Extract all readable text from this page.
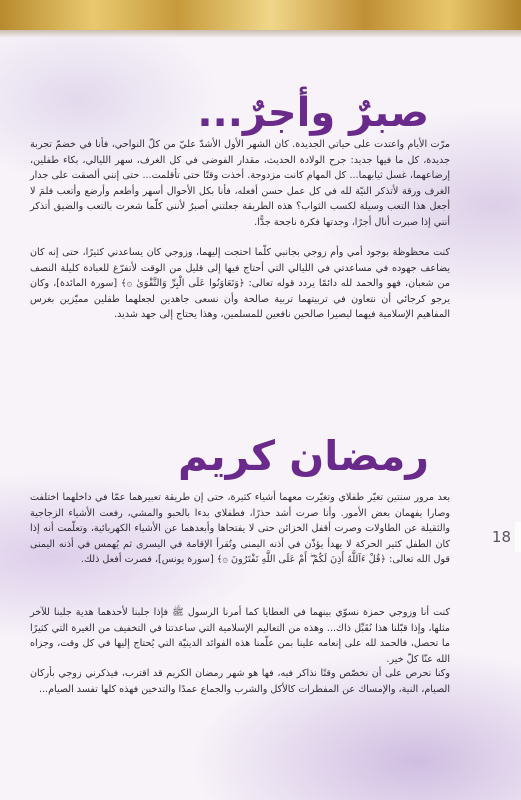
صبرٌ وأجرٌ...

مرّت الأيام واعتدت على حياتي الجديدة. كان الشهر الأول الأشدّ عليّ من كلّ النواحي، فأنا في خضمّ تجربة جديدة، كل ما فيها جديد: جرح الولادة الحديث، مقدار الفوضى في كل الغرف، سهر الليالي، بكاء طفلين، إرضاعهما، غسل ثيابهما... كل المهام كانت مزدوجة. أخذت وقتًا حتى تأقلمت... حتى إنني ألصقت على جدار الغرف ورقة لأتذكر النيّة لله في كل عمل حسن أفعله، فأنا بكل الأحوال أسهر وأطعم وأرضع وأتعب فلمَ لا أجعل هذا التعب وسيلة لكسب الثواب؟ هذه الطريقة جعلتني أصبرُ لأنني كلّما شعرت بالتعب والضيق أتذكر أنني إذا صبرت أنال أجرًا، وجدتها فكرة ناجحة جدًّا.

كنت محظوظة بوجود أمي وأم زوجي بجانبي كلّما احتجت إليهما، وزوجي كان يساعدني كثيرًا، حتى إنه كان يضاعف جهوده في مساعدتي في الليالي التي أحتاج فيها إلى قليل من الوقت لأتفرّغ للعبادة كليلة النصف من شعبان، فهو والحمد لله دائمًا يردد قوله تعالى: ﴿وَتَعَاوَنُوا عَلَى الْبِرِّ وَالتَّقْوَىٰ ۞﴾ [سورة المائدة]، وكان يرجو كرجائي أن نتعاون في تربيتهما تربية صالحة وأن نسعى جاهدين لجعلهما طفلين مميّزين بغرس المفاهيم الإسلامية فيهما ليصيرا صالحين نافعين للمسلمين، وهذا يحتاج إلى جهد شديد.

رمضان كريم

بعد مرور سنتين تغيّر طفلاي وتغيّرت معهما أشياء كثيرة، حتى إن طريقة تعبيرهما عمّا في داخلهما اختلفت وصارا يفهمان بعض الأمور. وأنا صرت أشد حذرًا، فطفلاي بدءا بالحبو والمشي، رفعت الأشياء الزجاجية والثقيلة عن الطاولات وصرت أقفل الخزائن حتى لا يفتحاها وأبعدهما عن الأشياء الكهربائية، وتعلّمت أنه إذا كان الطفل كثير الحركة لا يهدأ يؤذّن في أذنه اليمنى وتُقرأ الإقامة في اليسرى ثم يُهمس في أذنه اليمنى قول الله تعالى: ﴿قُلْ ءَآللَّهُ أَذِنَ لَكُمْ ۖ أَمْ عَلَى اللَّهِ تَفْتَرُونَ ۞﴾ [سورة يونس]، فصرت أفعل ذلك.

كنت أنا وزوجي حمزة نسوّي بينهما في العطايا كما أمرنا الرسول ﷺ فإذا جلبنا لأحدهما هدية جلبنا للآخر مثلها، وإذا قبّلنا هذا نُقَبِّل ذاك... وهذه من التعاليم الإسلامية التي ساعدتنا في التخفيف من الغيرة التي كثيرًا ما تحصل، فالحمد لله على إنعامه علينا بمن علّمنا هذه الفوائد الدينيّة التي يُحتاج إليها في كل وقت، وجزاه الله عنّا كلّ خير.

وكنا نحرص على أن نخصّص وقتًا نذاكر فيه، فها هو شهر رمضان الكريم قد اقترب، فيذكرني زوجي بأركان الصيام، النية، والإمساك عن المفطرات كالأكل والشرب والجماع عمدًا والتدخين فهذه كلها تفسد الصيام...

18
